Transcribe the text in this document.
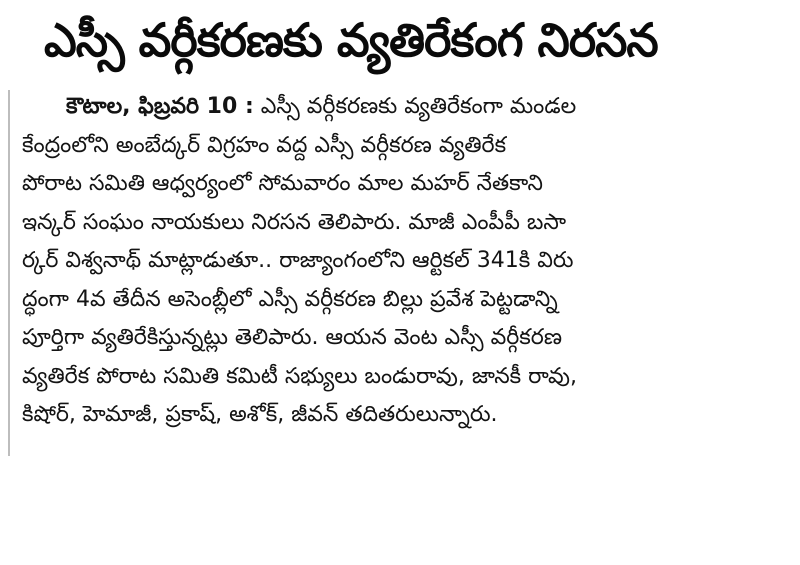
ఎస్సీ వర్గీకరణకు వ్యతిరేకంగ నిరసన
కౌటాల, ఫిబ్రవరి 10 : ఎస్సీ వర్గీకరణకు వ్యతిరేకంగా మండల
కేంద్రంలోని అంబేద్కర్ విగ్రహం వద్ద ఎస్సీ వర్గీకరణ వ్యతిరేక
పోరాట సమితి ఆధ్వర్యంలో సోమవారం మాల మహర్ నేతకాని
ఇన్కర్ సంఘం నాయకులు నిరసన తెలిపారు. మాజీ ఎంపీపీ బసా
ర్కర్ విశ్వనాథ్ మాట్లాడుతూ.. రాజ్యాంగంలోని ఆర్టికల్ 341కి విరు
ద్ధంగా 4వ తేదీన అసెంబ్లీలో ఎస్సీ వర్గీకరణ బిల్లు ప్రవేశ పెట్టడాన్ని
పూర్తిగా వ్యతిరేకిస్తున్నట్లు తెలిపారు. ఆయన వెంట ఎస్సీ వర్గీకరణ
వ్యతిరేక పోరాట సమితి కమిటీ సభ్యులు బండురావు, జానకీ రావు,
కిషోర్, హెమాజీ, ప్రకాష్, అశోక్, జీవన్ తదితరులున్నారు.
